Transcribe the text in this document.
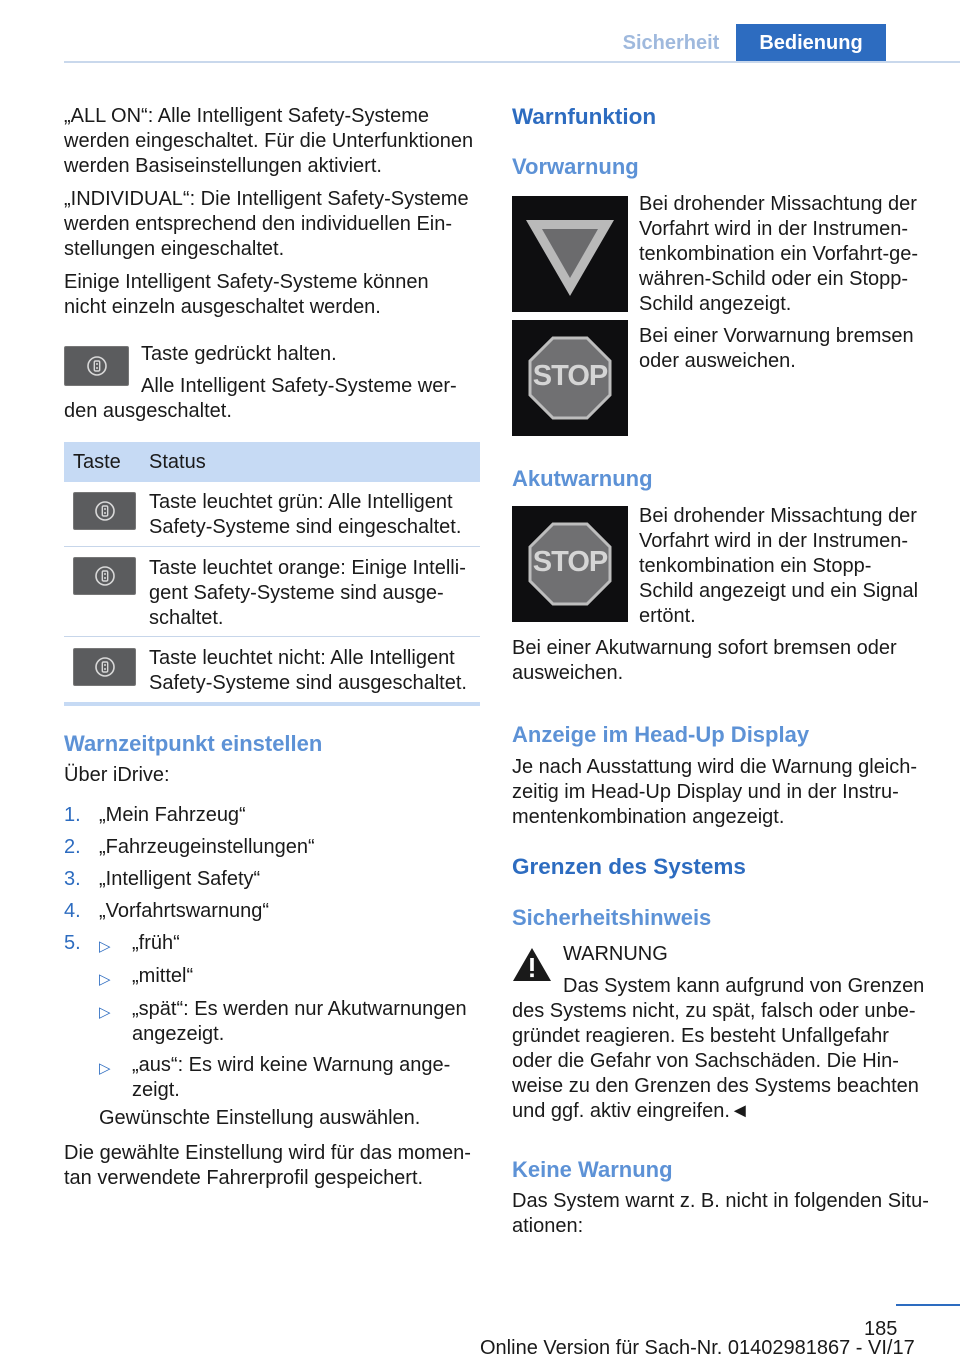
Sicherheit	Bedienung

„ALL ON“: Alle Intelligent Safety-Systeme
werden eingeschaltet. Für die Unterfunktionen
werden Basiseinstellungen aktiviert.

„INDIVIDUAL“: Die Intelligent Safety-Systeme
werden entsprechend den individuellen Ein-
stellungen eingeschaltet.

Einige Intelligent Safety-Systeme können
nicht einzeln ausgeschaltet werden.

Taste gedrückt halten.
Alle Intelligent Safety-Systeme wer-
den ausgeschaltet.
Taste Status
Taste leuchtet grün: Alle Intelligent
Safety-Systeme sind eingeschaltet.
Taste leuchtet orange: Einige Intelli-
gent Safety-Systeme sind ausge-
schaltet.
Taste leuchtet nicht: Alle Intelligent
Safety-Systeme sind ausgeschaltet.
Warnzeitpunkt einstellen
Über iDrive:
1. „Mein Fahrzeug“
2. „Fahrzeugeinstellungen“
3. „Intelligent Safety“
4. „Vorfahrtswarnung“
5. ▷ „früh“
▷ „mittel“
▷ „spät“: Es werden nur Akutwarnungen
angezeigt.
▷ „aus“: Es wird keine Warnung ange-
zeigt.
Gewünschte Einstellung auswählen.
Die gewählte Einstellung wird für das momen-
tan verwendete Fahrerprofil gespeichert.
Warnfunktion
Vorwarnung
STOP
Bei drohender Missachtung der
Vorfahrt wird in der Instrumen-
tenkombination ein Vorfahrt-ge-
währen-Schild oder ein Stopp-
Schild angezeigt.
Bei einer Vorwarnung bremsen
oder ausweichen.
Akutwarnung
STOP
Bei drohender Missachtung der
Vorfahrt wird in der Instrumen-
tenkombination ein Stopp-
Schild angezeigt und ein Signal
ertönt.
Bei einer Akutwarnung sofort bremsen oder
ausweichen.
Anzeige im Head-Up Display
Je nach Ausstattung wird die Warnung gleich-
zeitig im Head-Up Display und in der Instru-
mentenkombination angezeigt.
Grenzen des Systems
Sicherheitshinweis
WARNUNG
Das System kann aufgrund von Grenzen
des Systems nicht, zu spät, falsch oder unbe-
gründet reagieren. Es besteht Unfallgefahr
oder die Gefahr von Sachschäden. Die Hin-
weise zu den Grenzen des Systems beachten
und ggf. aktiv eingreifen.◄
Keine Warnung
Das System warnt z. B. nicht in folgenden Situ-
ationen:
185
Online Version für Sach-Nr. 01402981867 - VI/17
